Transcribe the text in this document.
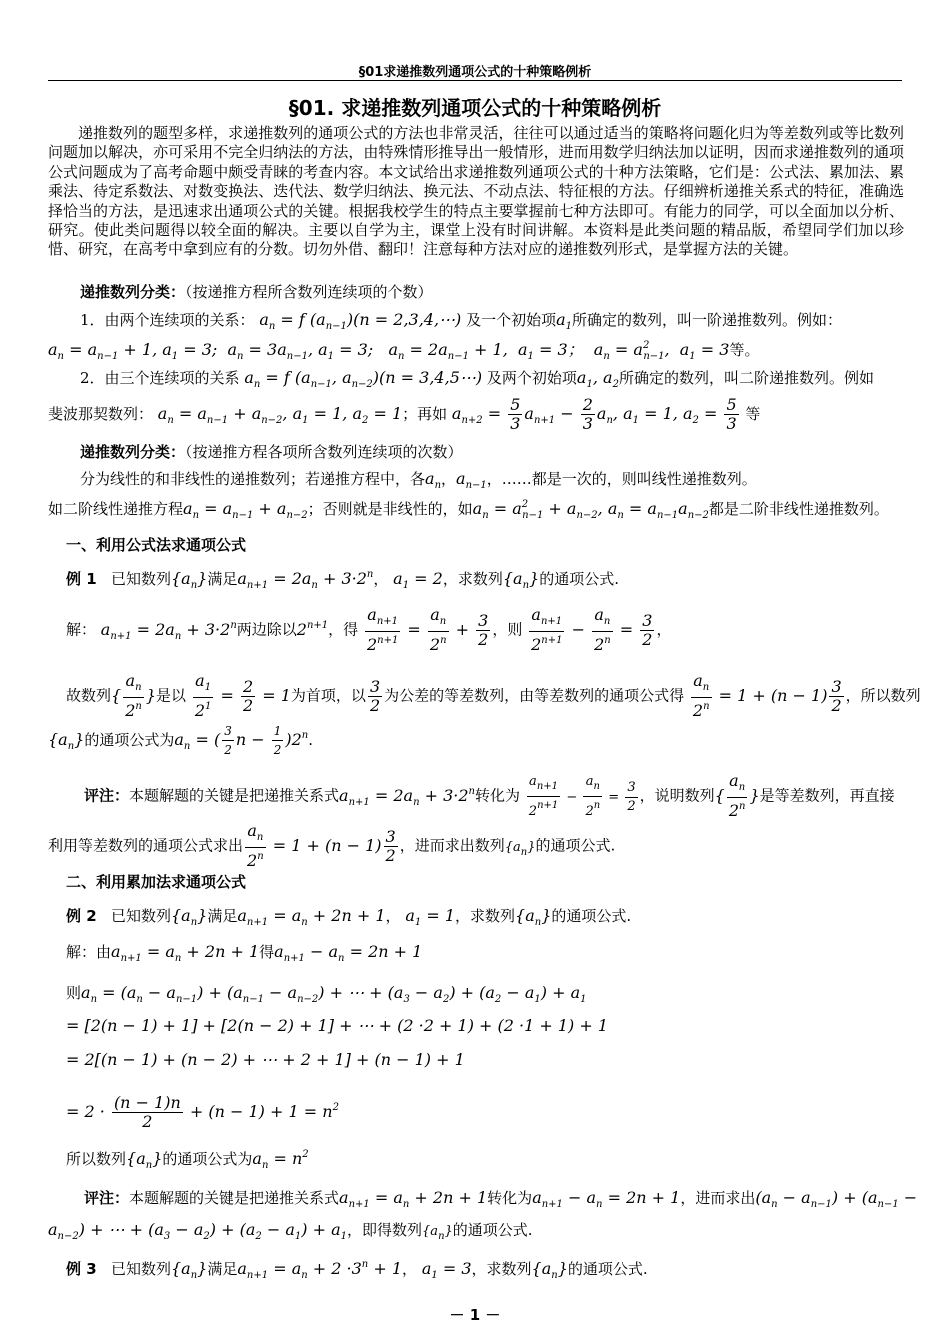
§01求递推数列通项公式的十种策略例析
§01. 求递推数列通项公式的十种策略例析
递推数列的题型多样，求递推数列的通项公式的方法也非常灵活，往往可以通过适当的策略将问题化归为等差数列或等比数列问题加以解决，亦可采用不完全归纳法的方法，由特殊情形推导出一般情形，进而用数学归纳法加以证明，因而求递推数列的通项公式问题成为了高考命题中颇受青睐的考查内容。本文试给出求递推数列通项公式的十种方法策略，它们是：公式法、累加法、累乘法、待定系数法、对数变换法、迭代法、数学归纳法、换元法、不动点法、特征根的方法。仔细辨析递推关系式的特征，准确选择恰当的方法，是迅速求出通项公式的关键。根据我校学生的特点主要掌握前七种方法即可。有能力的同学，可以全面加以分析、研究。使此类问题得以较全面的解决。主要以自学为主，课堂上没有时间讲解。本资料是此类问题的精品版，希望同学们加以珍惜、研究，在高考中拿到应有的分数。切勿外借、翻印！注意每种方法对应的递推数列形式，是掌握方法的关键。
递推数列分类：（按递推方程所含数列连续项的个数）
1．由两个连续项的关系： $a_n = f$ $(a_{n-1})(n$ = 2,3,4,⋯) 及一个初始项$a_1$所确定的数列，叫一阶递推数列。例如：
$a_n = a_{n-1} + 1$, $a_1 = 3$;  $a_n = 3a_{n-1}$, $a_1 = 3$;   $a_n = 2a_{n-1} + 1$,  $a_1 = 3$；  $a_n = a^2_{n-1}$,  $a_1 = 3$等。
2．由三个连续项的关系 $a_n = f$ ($a_{n-1}$, $a_{n-2})(n$ = 3,4,5⋯) 及两个初始项$a_1$, $a_2$所确定的数列，叫二阶递推数列。例如
斐波那契数列： $a_n = a_{n-1} + a_{n-2}$, $a_1 = 1$, $a_2 = 1$；再如 $a_{n+2} = \frac{5}{3} a_{n+1} - \frac{2}{3} a_n$, $a_1 = 1$, $a_2 = \frac{5}{3}$ 等
递推数列分类：（按递推方程各项所含数列连续项的次数）
分为线性的和非线性的递推数列；若递推方程中，各$a_n$，$a_{n-1}$，……都是一次的，则叫线性递推数列。
如二阶线性递推方程$a_n = a_{n-1} + a_{n-2}$；否则就是非线性的，如$a_n = a^2_{n-1} + a_{n-2}$, $a_n = a_{n-1}a_{n-2}$都是二阶非线性递推数列。
一、利用公式法求通项公式
例 1 已知数列$\{a_n\}$满足$a_{n+1} = 2a_n + 3\cdot 2^n$， $a_1 = 2$，求数列$\{a_n\}$的通项公式.
解： $a_{n+1} = 2a_n + 3\cdot 2^n$两边除以$2^{n+1}$，得 $\frac{a_{n+1}}{2^{n+1}} = \frac{a_n}{2^n} + \frac{3}{2}$ ，则 $\frac{a_{n+1}}{2^{n+1}} - \frac{a_n}{2^n} = \frac{3}{2}$ ，
故数列{ $\frac{a_n}{2^n}$ }是以 $\frac{a_1}{2^1} = \frac{2}{2} = 1$为首项，以 $\frac{3}{2}$ 为公差的等差数列，由等差数列的通项公式得 $\frac{a_n}{2^n} = 1 + (n - 1) \frac{3}{2}$ ，所以数列
$\{a_n\}$的通项公式为$a_n$ = ( $\frac{3}{2}$ $n - \frac{1}{2} )2^n$.
评注：本题解题的关键是把递推关系式$a_{n+1} = 2a_n + 3\cdot 2^n$转化为 $\frac{a_{n+1}}{2^{n+1}} - \frac{a_n}{2^n} = \frac{3}{2}$ ，说明数列{ $\frac{a_n}{2^n}$ }是等差数列，再直接
利用等差数列的通项公式求出 $\frac{a_n}{2^n} = 1 + (n - 1) \frac{3}{2}$ ，进而求出数列$\{a_n\}$的通项公式.
二、利用累加法求通项公式
例 2 已知数列$\{a_n\}$满足$a_{n+1} = a_n + 2n + 1$， $a_1 = 1$，求数列$\{a_n\}$的通项公式.
解：由$a_{n+1} = a_n + 2n + 1$得$a_{n+1} - a_n = 2n + 1$
则$a_n = (a_n - a_{n-1}) + (a_{n-1} - a_{n-2})$ + ⋯ + $(a_3 - a_2) + (a_2 - a_1) + a_1$
= [2(n − 1) + 1] + [2(n − 2) + 1] + ⋯ + (2 ·2 + 1) + (2 ·1 + 1) + 1
= 2[(n − 1) + (n − 2) + ⋯ + 2 + 1] + (n − 1) + 1
= $2 \cdot \frac{(n - 1)n}{2} + (n - 1) + 1 = n^2$
所以数列$\{a_n\}$的通项公式为$a_n = n^2$
评注：本题解题的关键是把递推关系式$a_{n+1} = a_n + 2n + 1$转化为$a_{n+1} - a_n = 2n + 1$，进而求出$(a_n - a_{n-1}) + (a_{n-1}$ −
$a_{n-2}$) + ⋯ + $(a_3 - a_2) + (a_2 - a_1) + a_1$，即得数列$\{a_n\}$的通项公式.
例 3 已知数列$\{a_n\}$满足$a_{n+1} = a_n + 2 \cdot 3^n + 1$， $a_1 = 3$，求数列$\{a_n\}$的通项公式.
－ 1 －
